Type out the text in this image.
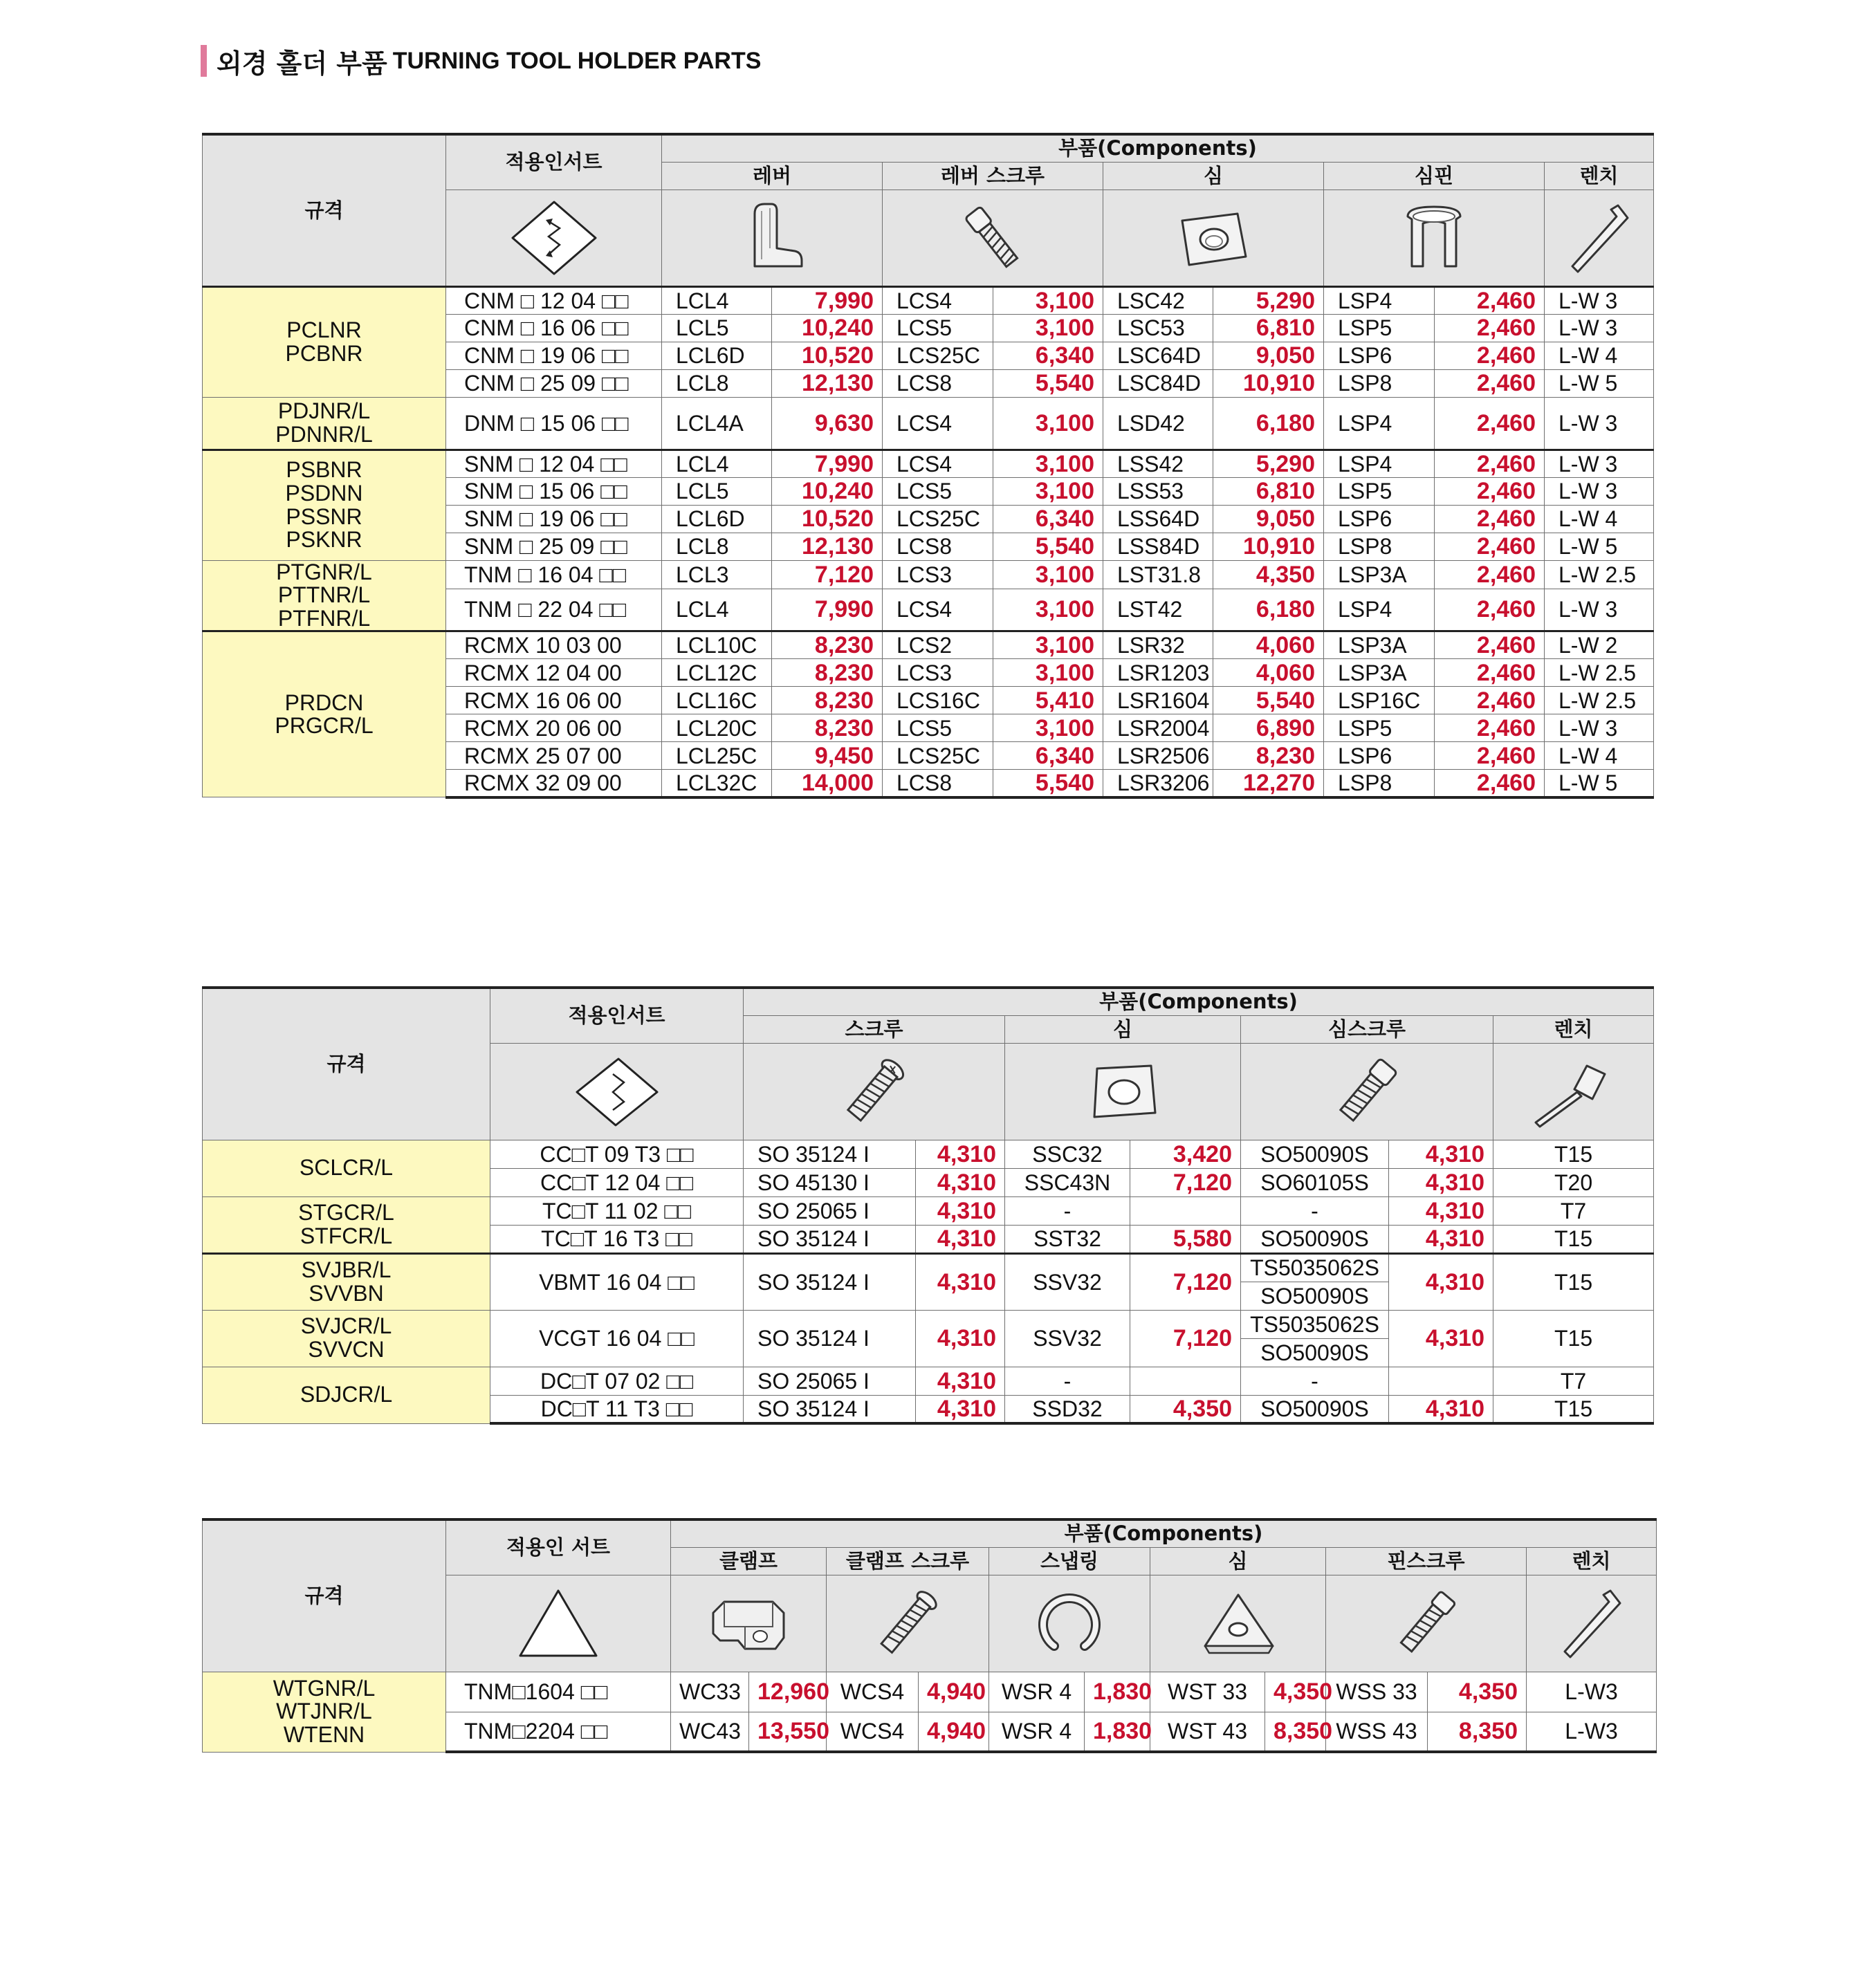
외경 홀더 부품 TURNING TOOL HOLDER PARTS
규격	적용인서트	부품(Components)								
		레버		레버 스크루		심		심핀		렌치

PCLNR
PCBNR	CNM □ 12 04 □□	LCL4	7,990	LCS4	3,100	LSC42	5,290	LSP4	2,460	L-W 3
	CNM □ 16 06 □□	LCL5	10,240	LCS5	3,100	LSC53	6,810	LSP5	2,460	L-W 3
	CNM □ 19 06 □□	LCL6D	10,520	LCS25C	6,340	LSC64D	9,050	LSP6	2,460	L-W 4
	CNM □ 25 09 □□	LCL8	12,130	LCS8	5,540	LSC84D	10,910	LSP8	2,460	L-W 5
PDJNR/L
PDNNR/L	DNM □ 15 06 □□	LCL4A	9,630	LCS4	3,100	LSD42	6,180	LSP4	2,460	L-W 3
PSBNR
PSDNN
PSSNR
PSKNR	SNM □ 12 04 □□	LCL4	7,990	LCS4	3,100	LSS42	5,290	LSP4	2,460	L-W 3
	SNM □ 15 06 □□	LCL5	10,240	LCS5	3,100	LSS53	6,810	LSP5	2,460	L-W 3
	SNM □ 19 06 □□	LCL6D	10,520	LCS25C	6,340	LSS64D	9,050	LSP6	2,460	L-W 4
	SNM □ 25 09 □□	LCL8	12,130	LCS8	5,540	LSS84D	10,910	LSP8	2,460	L-W 5
PTGNR/L
PTTNR/L
PTFNR/L	TNM □ 16 04 □□	LCL3	7,120	LCS3	3,100	LST31.8	4,350	LSP3A	2,460	L-W 2.5
	TNM □ 22 04 □□	LCL4	7,990	LCS4	3,100	LST42	6,180	LSP4	2,460	L-W 3
PRDCN
PRGCR/L	RCMX 10 03 00	LCL10C	8,230	LCS2	3,100	LSR32	4,060	LSP3A	2,460	L-W 2
	RCMX 12 04 00	LCL12C	8,230	LCS3	3,100	LSR1203	4,060	LSP3A	2,460	L-W 2.5
	RCMX 16 06 00	LCL16C	8,230	LCS16C	5,410	LSR1604	5,540	LSP16C	2,460	L-W 2.5
	RCMX 20 06 00	LCL20C	8,230	LCS5	3,100	LSR2004	6,890	LSP5	2,460	L-W 3
	RCMX 25 07 00	LCL25C	9,450	LCS25C	6,340	LSR2506	8,230	LSP6	2,460	L-W 4
	RCMX 32 09 00	LCL32C	14,000	LCS8	5,540	LSR3206	12,270	LSP8	2,460	L-W 5
규격	적용인서트	부품(Components)						
		스크루		심		심스크루		렌치

SCLCR/L	CC□T 09 T3 □□	SO 35124 I	4,310	SSC32	3,420	SO50090S	4,310	T15
	CC□T 12 04 □□	SO 45130 I	4,310	SSC43N	7,120	SO60105S	4,310	T20
STGCR/L
STFCR/L	TC□T 11 02 □□	SO 25065 I	4,310	-		-	4,310	T7
	TC□T 16 T3 □□	SO 35124 I	4,310	SST32	5,580	SO50090S	4,310	T15
SVJBR/L
SVVBN	VBMT 16 04 □□	SO 35124 I	4,310	SSV32	7,120	TS5035062S	4,310	T15
						SO50090S		
SVJCR/L
SVVCN	VCGT 16 04 □□	SO 35124 I	4,310	SSV32	7,120	TS5035062S	4,310	T15
						SO50090S		
SDJCR/L	DC□T 07 02 □□	SO 25065 I	4,310	-		-		T7
	DC□T 11 T3 □□	SO 35124 I	4,310	SSD32	4,350	SO50090S	4,310	T15
규격	적용인 서트	부품(Components)										
		클램프		클램프 스크루		스냅링		심		핀스크루		렌치

WTGNR/L
WTJNR/L
WTENN	TNM□1604 □□	WC33	12,960	WCS4	4,940	WSR 4	1,830	WST 33	4,350	WSS 33	4,350	L-W3
	TNM□2204 □□	WC43	13,550	WCS4	4,940	WSR 4	1,830	WST 43	8,350	WSS 43	8,350	L-W3
